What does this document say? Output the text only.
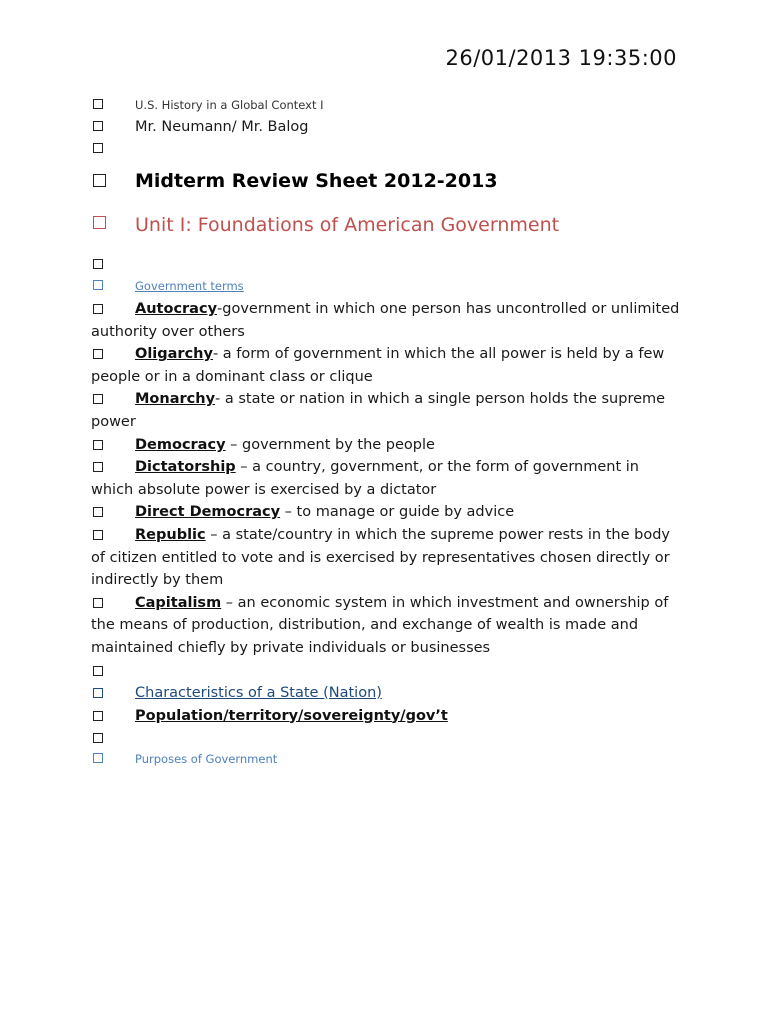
26/01/2013 19:35:00
U.S. History in a Global Context I
Mr. Neumann/ Mr. Balog
Midterm Review Sheet 2012-2013
Unit I: Foundations of American Government
Government terms
Autocracy-government in which one person has uncontrolled or unlimited authority over others
Oligarchy- a form of government in which the all power is held by a few people or in a dominant class or clique
Monarchy- a state or nation in which a single person holds the supreme power
Democracy – government by the people
Dictatorship – a country, government, or the form of government in which absolute power is exercised by a dictator
Direct Democracy – to manage or guide by advice
Republic – a state/country in which the supreme power rests in the body of citizen entitled to vote and is exercised by representatives chosen directly or indirectly by them
Capitalism – an economic system in which investment and ownership of the means of production, distribution, and exchange of wealth is made and maintained chiefly by private individuals or businesses
Characteristics of a State (Nation)
Population/territory/sovereignty/gov’t
Purposes of Government
